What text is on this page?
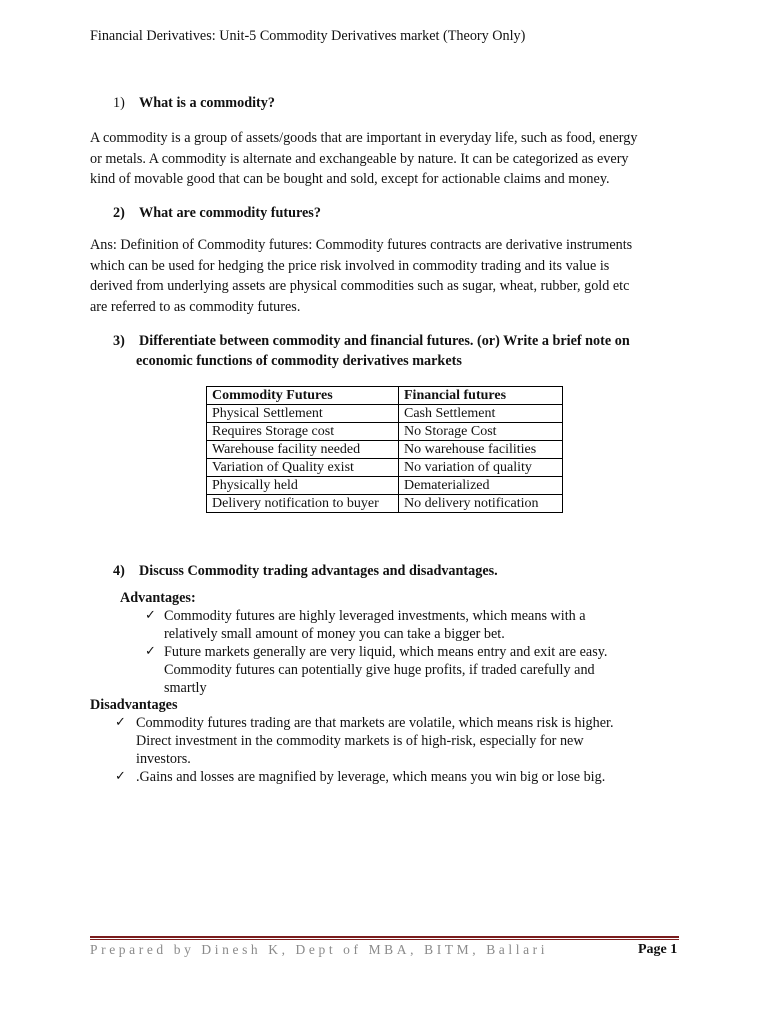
Financial Derivatives: Unit-5 Commodity Derivatives market (Theory Only)
1) What is a commodity?
A commodity is a group of assets/goods that are important in everyday life, such as food, energy
or metals. A commodity is alternate and exchangeable by nature. It can be categorized as every
kind of movable good that can be bought and sold, except for actionable claims and money.
2) What are commodity futures?
Ans: Definition of Commodity futures: Commodity futures contracts are derivative instruments
which can be used for hedging the price risk involved in commodity trading and its value is
derived from underlying assets are physical commodities such as sugar, wheat, rubber, gold etc
are referred to as commodity futures.
3) Differentiate between commodity and financial futures. (or) Write a brief note on
economic functions of commodity derivatives markets
Commodity Futures	Financial futures
Physical Settlement	Cash Settlement
Requires Storage cost	No Storage Cost
Warehouse facility needed	No warehouse facilities
Variation of Quality exist	No variation of quality
Physically held	Dematerialized
Delivery notification to buyer	No delivery notification
4) Discuss Commodity trading advantages and disadvantages.
Advantages:
✓ Commodity futures are highly leveraged investments, which means with a
relatively small amount of money you can take a bigger bet.
✓ Future markets generally are very liquid, which means entry and exit are easy.
Commodity futures can potentially give huge profits, if traded carefully and
smartly
Disadvantages
✓ Commodity futures trading are that markets are volatile, which means risk is higher.
Direct investment in the commodity markets is of high-risk, especially for new
investors.
✓ .Gains and losses are magnified by leverage, which means you win big or lose big.
Prepared by Dinesh K, Dept of MBA, BITM, Ballari	Page 1
